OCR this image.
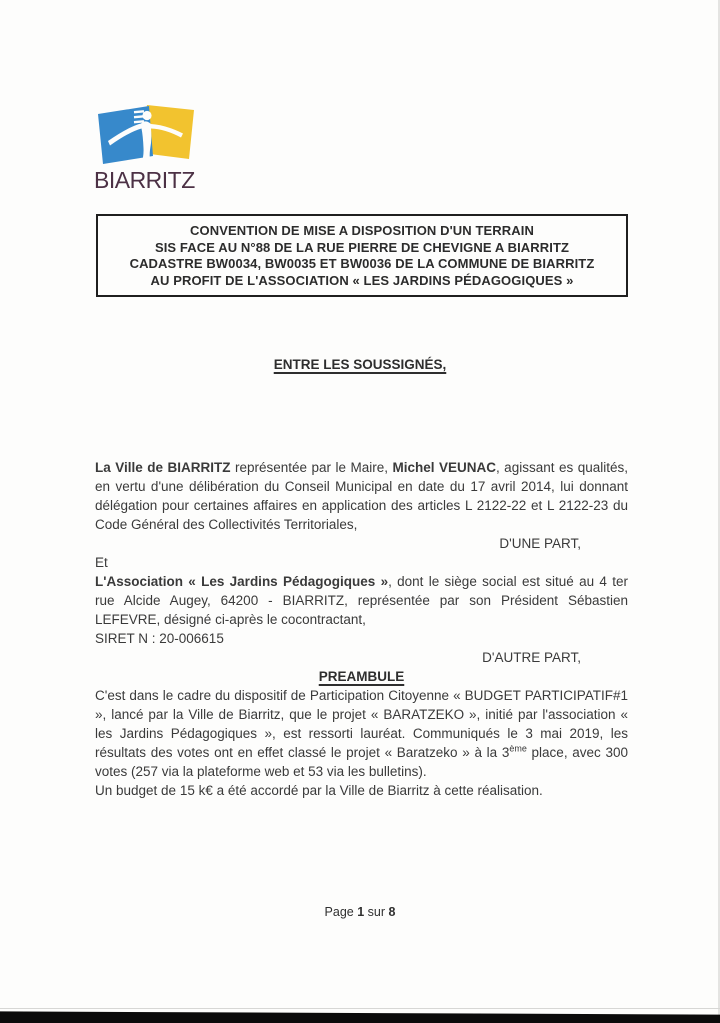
BIARRITZ
CONVENTION DE MISE A DISPOSITION D'UN TERRAIN
SIS FACE AU N°88 DE LA RUE PIERRE DE CHEVIGNE A BIARRITZ
CADASTRE BW0034, BW0035 ET BW0036 DE LA COMMUNE DE BIARRITZ
AU PROFIT DE L'ASSOCIATION « LES JARDINS PÉDAGOGIQUES »
ENTRE LES SOUSSIGNÉS,

La Ville de BIARRITZ représentée par le Maire, Michel VEUNAC, agissant es qualités, en vertu d'une délibération du Conseil Municipal en date du 17 avril 2014, lui donnant délégation pour certaines affaires en application des articles L 2122-22 et L 2122-23 du Code Général des Collectivités Territoriales,

D'UNE PART,

Et

L'Association « Les Jardins Pédagogiques », dont le siège social est situé au 4 ter rue Alcide Augey, 64200 - BIARRITZ, représentée par son Président Sébastien LEFEVRE, désigné ci-après le cocontractant,

SIRET N : 20-006615

D'AUTRE PART,

PREAMBULE

C'est dans le cadre du dispositif de Participation Citoyenne « BUDGET PARTICIPATIF#1 », lancé par la Ville de Biarritz, que le projet « BARATZEKO », initié par l'association « les Jardins Pédagogiques », est ressorti lauréat. Communiqués le 3 mai 2019, les résultats des votes ont en effet classé le projet « Baratzeko » à la 3ème place, avec 300 votes (257 via la plateforme web et 53 via les bulletins).

Un budget de 15 k€ a été accordé par la Ville de Biarritz à cette réalisation.

Page 1 sur 8
